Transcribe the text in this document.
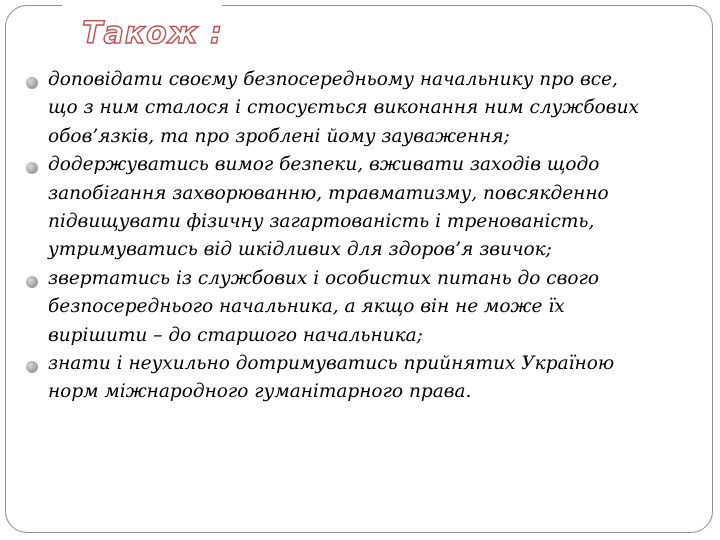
Також :
доповідати своєму безпосередньому начальнику про все,
що з ним сталося і стосується виконання ним службових
обов’язків, та про зроблені йому зауваження;
додержуватись вимог безпеки, вживати заходів щодо
запобігання захворюванню, травматизму, повсякденно
підвищувати фізичну загартованість і тренованість,
утримуватись від шкідливих для здоров’я звичок;
звертатись із службових і особистих питань до свого
безпосереднього начальника, а якщо він не може їх
вирішити – до старшого начальника;
знати і неухильно дотримуватись прийнятих Україною
норм міжнародного гуманітарного права.
